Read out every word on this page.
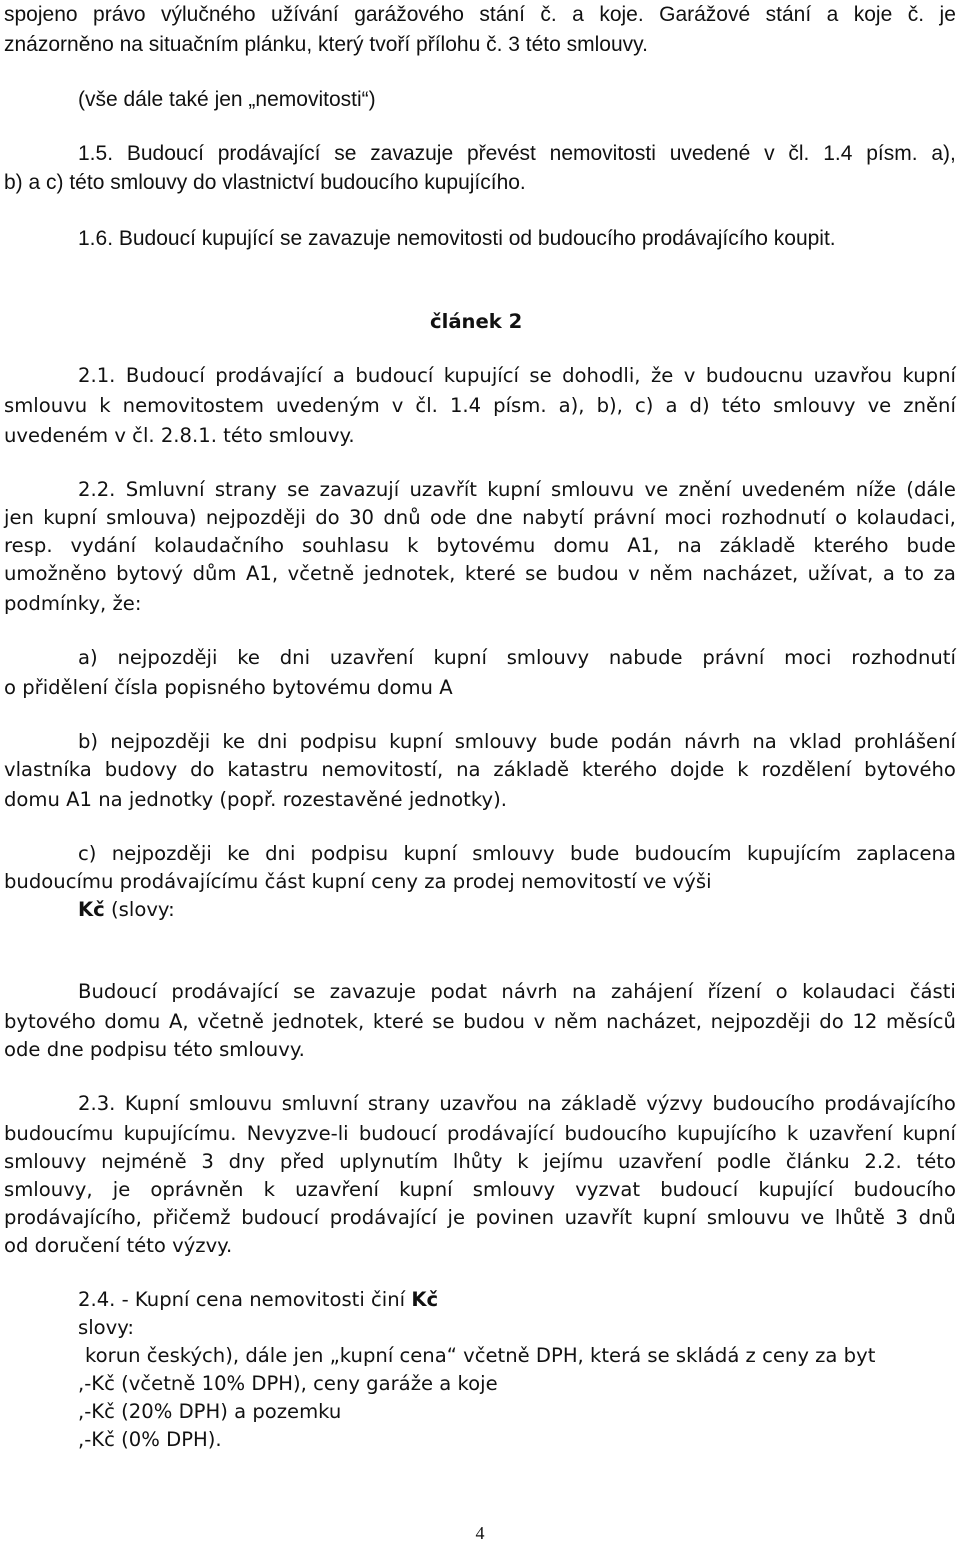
spojeno právo výlučného užívání garážového stání č. a koje. Garážové stání a koje č. je
znázorněno na situačním plánku, který tvoří přílohu č. 3 této smlouvy.
(vše dále také jen „nemovitosti“)
1.5. Budoucí prodávající se zavazuje převést nemovitosti uvedené v čl. 1.4 písm. a),
b) a c) této smlouvy do vlastnictví budoucího kupujícího.
1.6. Budoucí kupující se zavazuje nemovitosti od budoucího prodávajícího koupit.
článek 2
2.1. Budoucí prodávající a budoucí kupující se dohodli, že v budoucnu uzavřou kupní
smlouvu k nemovitostem uvedeným v čl. 1.4 písm. a), b), c) a d) této smlouvy ve znění
uvedeném v čl. 2.8.1. této smlouvy.
2.2. Smluvní strany se zavazují uzavřít kupní smlouvu ve znění uvedeném níže (dále
jen kupní smlouva) nejpozději do 30 dnů ode dne nabytí právní moci rozhodnutí o kolaudaci,
resp. vydání kolaudačního souhlasu k bytovému domu A1, na základě kterého bude
umožněno bytový dům A1, včetně jednotek, které se budou v něm nacházet, užívat, a to za
podmínky, že:
a) nejpozději ke dni uzavření kupní smlouvy nabude právní moci rozhodnutí
o přidělení čísla popisného bytovému domu A
b) nejpozději ke dni podpisu kupní smlouvy bude podán návrh na vklad prohlášení
vlastníka budovy do katastru nemovitostí, na základě kterého dojde k rozdělení bytového
domu A1 na jednotky (popř. rozestavěné jednotky).
c) nejpozději ke dni podpisu kupní smlouvy bude budoucím kupujícím zaplacena
budoucímu prodávajícímu část kupní ceny za prodej nemovitostí ve výši
Kč (slovy:
Budoucí prodávající se zavazuje podat návrh na zahájení řízení o kolaudaci části
bytového domu A, včetně jednotek, které se budou v něm nacházet, nejpozději do 12 měsíců
ode dne podpisu této smlouvy.
2.3. Kupní smlouvu smluvní strany uzavřou na základě výzvy budoucího prodávajícího
budoucímu kupujícímu. Nevyzve-li budoucí prodávající budoucího kupujícího k uzavření kupní
smlouvy nejméně 3 dny před uplynutím lhůty k jejímu uzavření podle článku 2.2. této
smlouvy, je oprávněn k uzavření kupní smlouvy vyzvat budoucí kupující budoucího
prodávajícího, přičemž budoucí prodávající je povinen uzavřít kupní smlouvu ve lhůtě 3 dnů
od doručení této výzvy.
2.4. - Kupní cena nemovitosti činí Kč
slovy:
korun českých), dále jen „kupní cena“ včetně DPH, která se skládá z ceny za byt
,-Kč (včetně 10% DPH), ceny garáže a koje
,-Kč (20% DPH) a pozemku
,-Kč (0% DPH).
4
